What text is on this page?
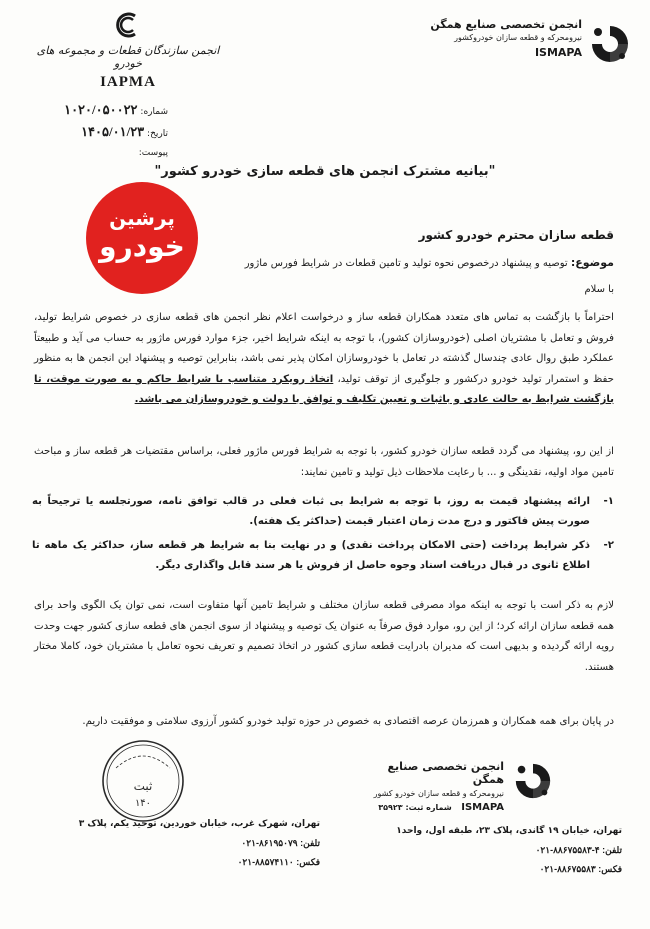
انجمن تخصصی صنایع همگن
نیرومحرکه و قطعه سازان خودروکشور
ISMAPA
انجمن سازندگان قطعات و مجموعه های خودرو
IAPMA
شماره: ۱۰۲۰/۰۵۰۰۲۲
تاریخ: ۱۴۰۵/۰۱/۲۳
پیوست:
"بیانیه مشترک انجمن های قطعه سازی خودرو کشور"
پرشین
خودرو	قطعه سازان محترم خودرو کشور
موضوع: توصیه و پیشنهاد درخصوص نحوه تولید و تامین قطعات در شرایط فورس ماژور
با سلام
احتراماً با بازگشت به تماس های متعدد همکاران قطعه ساز و درخواست اعلام نظر انجمن های قطعه سازی در خصوص شرایط تولید، فروش و تعامل با مشتریان اصلی (خودروسازان کشور)، با توجه به اینکه شرایط اخیر، جزء موارد فورس ماژور به حساب می آید و طبیعتاً عملکرد طبق روال عادی چندسال گذشته در تعامل با خودروسازان امکان پذیر نمی باشد، بنابراین توصیه و پیشنهاد این انجمن ها به منظور حفظ و استمرار تولید خودرو درکشور و جلوگیری از توقف تولید، اتخاذ رویکرد متناسب با شرایط حاکم و به صورت موقت، تا بازگشت شرایط به حالت عادی و باثبات و تعیین تکلیف و توافق با دولت و خودروسازان می باشد.
از این رو، پیشنهاد می گردد قطعه سازان خودرو کشور، با توجه به شرایط فورس ماژور فعلی، براساس مقتضیات هر قطعه ساز و مباحث تامین مواد اولیه، نقدینگی و ... با رعایت ملاحظات ذیل تولید و تامین نمایند:
۱-
ارائه پیشنهاد قیمت به روز، با توجه به شرایط بی ثبات فعلی در قالب توافق نامه، صورتجلسه یا ترجیحاً به صورت پیش فاکتور و درج مدت زمان اعتبار قیمت (حداکثر یک هفته).
۲-
ذکر شرایط پرداخت (حتی الامکان پرداخت نقدی) و در نهایت بنا به شرایط هر قطعه ساز، حداکثر یک ماهه تا اطلاع ثانوی در قبال دریافت اسناد وجوه حاصل از فروش یا هر سند قابل واگذاری دیگر.
لازم به ذکر است با توجه به اینکه مواد مصرفی قطعه سازان مختلف و شرایط تامین آنها متفاوت است، نمی توان یک الگوی واحد برای همه قطعه سازان ارائه کرد؛ از این رو، موارد فوق صرفاً به عنوان یک توصیه و پیشنهاد از سوی انجمن های قطعه سازی کشور جهت وحدت رویه ارائه گردیده و بدیهی است که مدیران بادرایت قطعه سازی کشور در اتخاذ تصمیم و تعریف نحوه تعامل با مشتریان خود، کاملا مختار هستند.
در پایان برای همه همکاران و همرزمان عرصه اقتصادی به خصوص در حوزه تولید خودرو کشور آرزوی سلامتی و موفقیت داریم.
انجمن تخصصی صنایع همگن
نیرومحرکه و قطعه سازان خودرو کشور
ISMAPA شماره ثبت: ۳۵۹۲۳
ثبت
۱۴۰
تهران، خیابان ۱۹ گاندی، پلاک ۲۳، طبقه اول، واحد۱
تلفن: ۴-۸۸۶۷۵۵۸۳-۰۲۱
فکس: ۸۸۶۷۵۵۸۳-۰۲۱
تهران، شهرک غرب، خیابان خوردین، توحید یکم، پلاک ۳
تلفن: ۸۶۱۹۵۰۷۹-۰۲۱
فکس: ۸۸۵۷۴۱۱۰-۰۲۱
